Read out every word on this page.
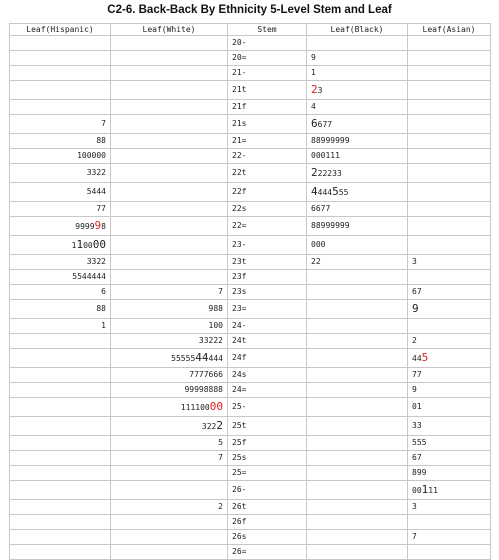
C2-6. Back-Back By Ethnicity 5-Level Stem and Leaf
Leaf(Hispanic)	Leaf(White)	Stem	Leaf(Black)	Leaf(Asian)
		20-		
		20=	9	
		21-	1	
		21t	23	
		21f	4	
7		21s	6677	
88		21=	88999999	
100000		22-	000111	
3322		22t	222233	
5444		22f	4444555	
77		22s	6677	
999998		22=	88999999	
110000		23-	000	
3322		23t	22	3
5544444		23f		
6	7	23s		67
88	988	23=		9
1	100	24-		
	33222	24t		2
	5555544444	24f		445
	7777666	24s		77
	99998888	24=		9
	11110000	25-		01
	3222	25t		33
	5	25f		555
	7	25s		67
		25=		899
		26-		00111
	2	26t		3
		26f		
		26s		7
		26=		
